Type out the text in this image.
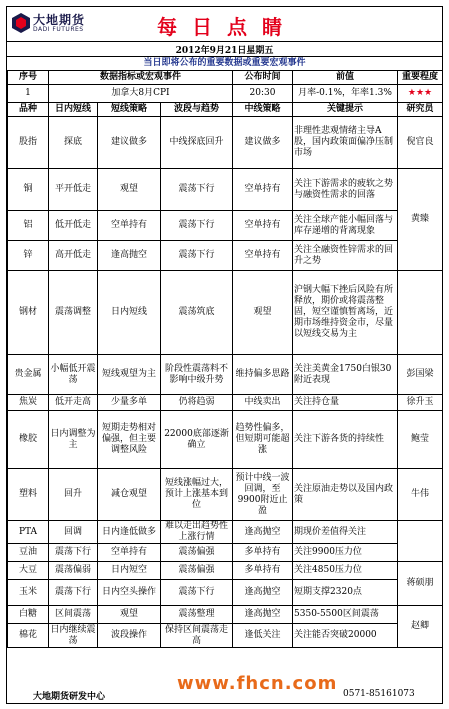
大地期货
DADI FUTURES	每日点睛
2012年9月21日星期五
当日即将公布的重要数据或重要宏观事件
序号	数据指标或宏观事件			公布时间	前值	重要程度
1	加拿大8月CPI			20:30	月率-0.1%，年率1.3%	★★★
品种	日内短线	短线策略	波段与趋势	中线策略	关键提示	研究员
股指	探底	建议做多	中线探底回升	建议做多	非理性悲观情绪主导A股，国内政策面偏净压制市场	倪官良
铜	平开低走	观望	震荡下行	空单持有	关注下游需求的疲软之势与融资性需求的回落	黄臻
铝	低开低走	空单持有	震荡下行	空单持有	关注全球产能小幅回落与库存递增的背离现象	
锌	高开低走	逢高抛空	震荡下行	空单持有	关注全融资性锌需求的回升之势	
钢材	震荡调整	日内短线	震荡筑底	观望	沪钢大幅下挫后风险有所释放，期价或将震荡整固，短空谨慎暂离场，近期市场维持资金市，尽量以短线交易为主	
贵金属	小幅低开震荡	短线观望为主	阶段性震荡料不影响中级升势	维持偏多思路	关注美黄金1750白银30附近表现	彭国梁
焦炭	低开走高	少量多单	仍将趋弱	中线卖出	关注持仓量	徐升玉
橡胶	日内调整为主	短期走势相对偏强，但主要调整风险	22000底部逐渐确立	趋势性偏多，但短期可能超涨	关注下游各货的持续性	鲍莹
塑料	回升	减仓观望	短线涨幅过大，预计上涨基本到位	预计中线一波回调，至9900附近止盈	关注原油走势以及国内政策	牛伟
PTA	回调	日内逢低做多	难以走出趋势性上涨行情	逢高抛空	期现价差值得关注	
豆油	震荡下行	空单持有	震荡偏强	多单持有	关注9900压力位	
大豆	震荡偏弱	日内短空	震荡偏强	多单持有	关注4850压力位	蒋硕朋
玉米	震荡下行	日内空头操作	震荡下行	逢高抛空	短期支撑2320点	
白糖	区间震荡	观望	震荡整理	逢高抛空	5350-5500区间震荡	赵卿
棉花	日内继续震荡	波段操作	保持区间震荡走高	逢低关注	关注能否突破20000	
www.fhcn.com
大地期货研发中心	0571-85161073
